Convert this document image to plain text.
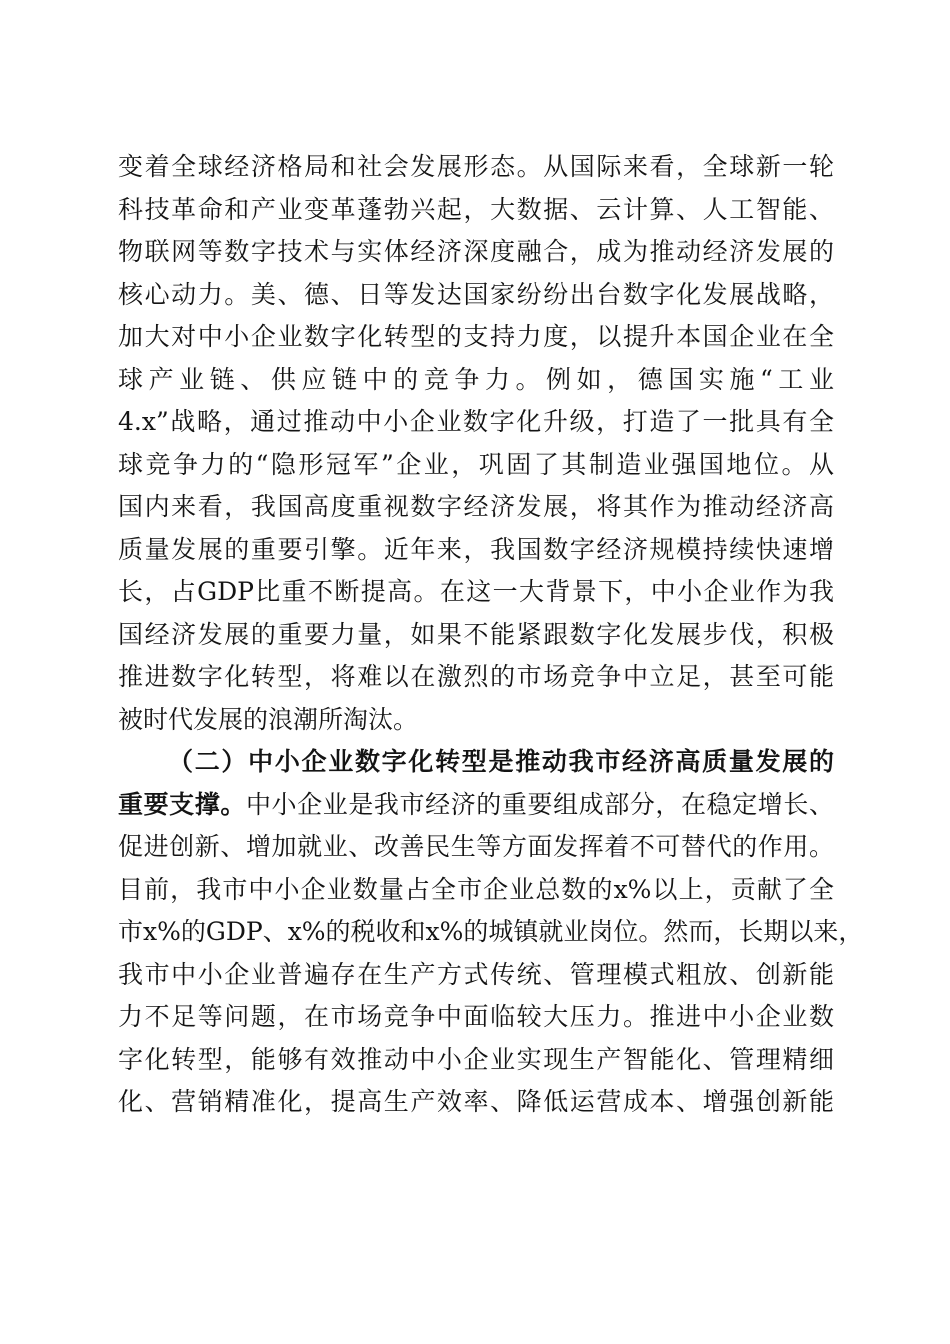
变着全球经济格局和社会发展形态。从国际来看，全球新一轮
科技革命和产业变革蓬勃兴起，大数据、云计算、人工智能、
物联网等数字技术与实体经济深度融合，成为推动经济发展的
核心动力。美、德、日等发达国家纷纷出台数字化发展战略，
加大对中小企业数字化转型的支持力度，以提升本国企业在全
球产业链、供应链中的竞争力。例如，德国实施“工业
4.x”战略，通过推动中小企业数字化升级，打造了一批具有全
球竞争力的“隐形冠军”企业，巩固了其制造业强国地位。从
国内来看，我国高度重视数字经济发展，将其作为推动经济高
质量发展的重要引擎。近年来，我国数字经济规模持续快速增
长，占GDP比重不断提高。在这一大背景下，中小企业作为我
国经济发展的重要力量，如果不能紧跟数字化发展步伐，积极
推进数字化转型，将难以在激烈的市场竞争中立足，甚至可能
被时代发展的浪潮所淘汰。
（二）中小企业数字化转型是推动我市经济高质量发展的
重要支撑。中小企业是我市经济的重要组成部分，在稳定增长、
促进创新、增加就业、改善民生等方面发挥着不可替代的作用。
目前，我市中小企业数量占全市企业总数的x%以上，贡献了全
市x%的GDP、x%的税收和x%的城镇就业岗位。然而，长期以来，
我市中小企业普遍存在生产方式传统、管理模式粗放、创新能
力不足等问题，在市场竞争中面临较大压力。推进中小企业数
字化转型，能够有效推动中小企业实现生产智能化、管理精细
化、营销精准化，提高生产效率、降低运营成本、增强创新能
